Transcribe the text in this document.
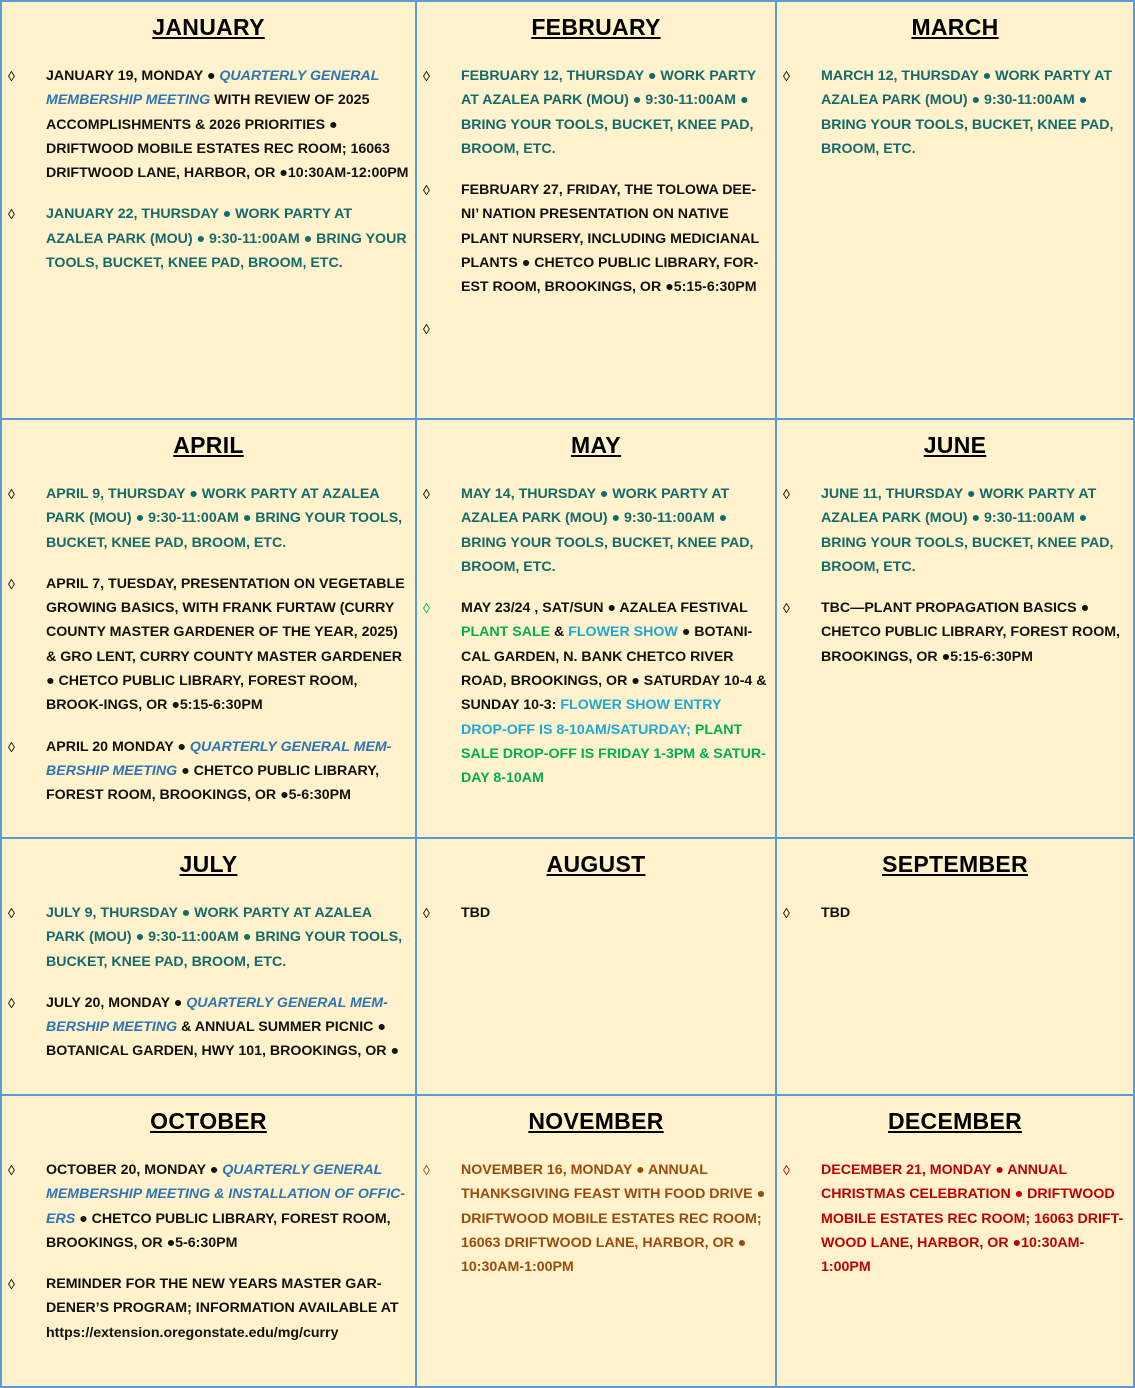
JANUARY
◊ JANUARY 19, MONDAY ● QUARTERLY GENERAL MEMBERSHIP MEETING WITH REVIEW OF 2025 ACCOMPLISHMENTS & 2026 PRIORITIES ● DRIFTWOOD MOBILE ESTATES REC ROOM; 16063 DRIFTWOOD LANE, HARBOR, OR ●10:30AM-12:00PM
◊ JANUARY 22, THURSDAY ● WORK PARTY AT AZALEA PARK (MOU) ● 9:30-11:00AM ● BRING YOUR TOOLS, BUCKET, KNEE PAD, BROOM, ETC.
FEBRUARY
◊ FEBRUARY 12, THURSDAY ● WORK PARTY AT AZALEA PARK (MOU) ● 9:30-11:00AM ● BRING YOUR TOOLS, BUCKET, KNEE PAD, BROOM, ETC.
◊ FEBRUARY 27, FRIDAY, THE TOLOWA DEE-NI’ NATION PRESENTATION ON NATIVE PLANT NURSERY, INCLUDING MEDICIANAL PLANTS ● CHETCO PUBLIC LIBRARY, FOR-EST ROOM, BROOKINGS, OR ●5:15-6:30PM
◊
MARCH
◊ MARCH 12, THURSDAY ● WORK PARTY AT AZALEA PARK (MOU) ● 9:30-11:00AM ● BRING YOUR TOOLS, BUCKET, KNEE PAD, BROOM, ETC.
APRIL
◊ APRIL 9, THURSDAY ● WORK PARTY AT AZALEA PARK (MOU) ● 9:30-11:00AM ● BRING YOUR TOOLS, BUCKET, KNEE PAD, BROOM, ETC.
◊ APRIL 7, TUESDAY, PRESENTATION ON VEGETABLE GROWING BASICS, WITH FRANK FURTAW (CURRY COUNTY MASTER GARDENER OF THE YEAR, 2025) & GRO LENT, CURRY COUNTY MASTER GARDENER ● CHETCO PUBLIC LIBRARY, FOREST ROOM, BROOK-INGS, OR ●5:15-6:30PM
◊ APRIL 20 MONDAY ● QUARTERLY GENERAL MEM-BERSHIP MEETING ● CHETCO PUBLIC LIBRARY, FOREST ROOM, BROOKINGS, OR ●5-6:30PM
MAY
◊ MAY 14, THURSDAY ● WORK PARTY AT AZALEA PARK (MOU) ● 9:30-11:00AM ● BRING YOUR TOOLS, BUCKET, KNEE PAD, BROOM, ETC.
◊ MAY 23/24 , SAT/SUN ● AZALEA FESTIVAL PLANT SALE & FLOWER SHOW ● BOTANI-CAL GARDEN, N. BANK CHETCO RIVER ROAD, BROOKINGS, OR ● SATURDAY 10-4 & SUNDAY 10-3: FLOWER SHOW ENTRY DROP-OFF IS 8-10AM/SATURDAY; PLANT SALE DROP-OFF IS FRIDAY 1-3PM & SATUR-DAY 8-10AM
JUNE
◊ JUNE 11, THURSDAY ● WORK PARTY AT AZALEA PARK (MOU) ● 9:30-11:00AM ● BRING YOUR TOOLS, BUCKET, KNEE PAD, BROOM, ETC.
◊ TBC—PLANT PROPAGATION BASICS ● CHETCO PUBLIC LIBRARY, FOREST ROOM, BROOKINGS, OR ●5:15-6:30PM
JULY
◊ JULY 9, THURSDAY ● WORK PARTY AT AZALEA PARK (MOU) ● 9:30-11:00AM ● BRING YOUR TOOLS, BUCKET, KNEE PAD, BROOM, ETC.
◊ JULY 20, MONDAY ● QUARTERLY GENERAL MEM-BERSHIP MEETING & ANNUAL SUMMER PICNIC ● BOTANICAL GARDEN, HWY 101, BROOKINGS, OR ●
AUGUST
◊ TBD
SEPTEMBER
◊ TBD
OCTOBER
◊ OCTOBER 20, MONDAY ● QUARTERLY GENERAL MEMBERSHIP MEETING & INSTALLATION OF OFFIC-ERS ● CHETCO PUBLIC LIBRARY, FOREST ROOM, BROOKINGS, OR ●5-6:30PM
◊ REMINDER FOR THE NEW YEARS MASTER GAR-DENER’S PROGRAM; INFORMATION AVAILABLE AT https://extension.oregonstate.edu/mg/curry
NOVEMBER
◊ NOVEMBER 16, MONDAY ● ANNUAL THANKSGIVING FEAST WITH FOOD DRIVE ● DRIFTWOOD MOBILE ESTATES REC ROOM; 16063 DRIFTWOOD LANE, HARBOR, OR ● 10:30AM-1:00PM
DECEMBER
◊ DECEMBER 21, MONDAY ● ANNUAL CHRISTMAS CELEBRATION ● DRIFTWOOD MOBILE ESTATES REC ROOM; 16063 DRIFT-WOOD LANE, HARBOR, OR ●10:30AM-1:00PM
